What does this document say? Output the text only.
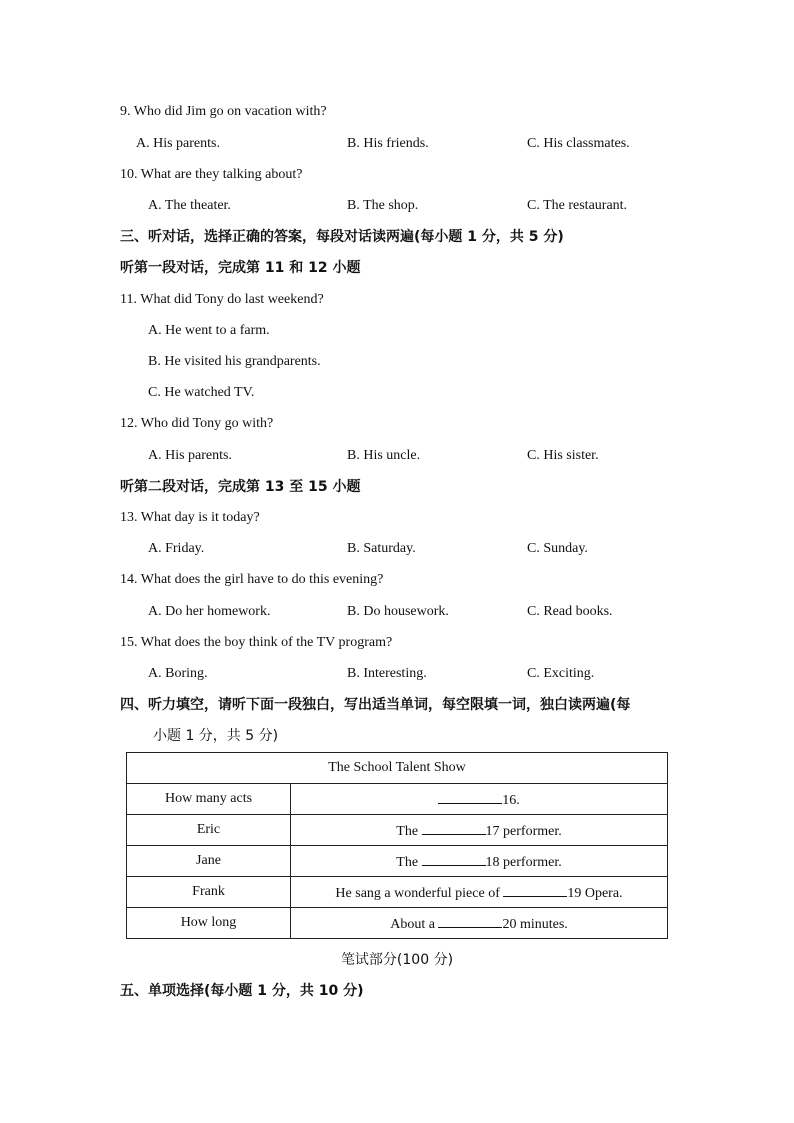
9. Who did Jim go on vacation with?
A. His parents.	B. His friends.	C. His classmates.
10. What are they talking about?
A. The theater.	B. The shop.	C. The restaurant.
三、听对话，选择正确的答案，每段对话读两遍(每小题 1 分，共 5 分)
听第一段对话，完成第 11 和 12 小题
11. What did Tony do last weekend?
A. He went to a farm.
B. He visited his grandparents.
C. He watched TV.
12. Who did Tony go with?
A. His parents.	B. His uncle.	C. His sister.
听第二段对话，完成第 13 至 15 小题
13. What day is it today?
A. Friday.	B. Saturday.	C. Sunday.
14. What does the girl have to do this evening?
A. Do her homework.	B. Do housework.	C. Read books.
15. What does the boy think of the TV program?
A. Boring.	B. Interesting.	C. Exciting.
四、听力填空，请听下面一段独白，写出适当单词，每空限填一词，独白读两遍(每
小题 1 分，共 5 分)
The School Talent Show	
How many acts	16.
Eric	The 17 performer.
Jane	The 18 performer.
Frank	He sang a wonderful piece of 19 Opera.
How long	About a 20 minutes.
笔试部分(100 分)
五、单项选择(每小题 1 分，共 10 分)
